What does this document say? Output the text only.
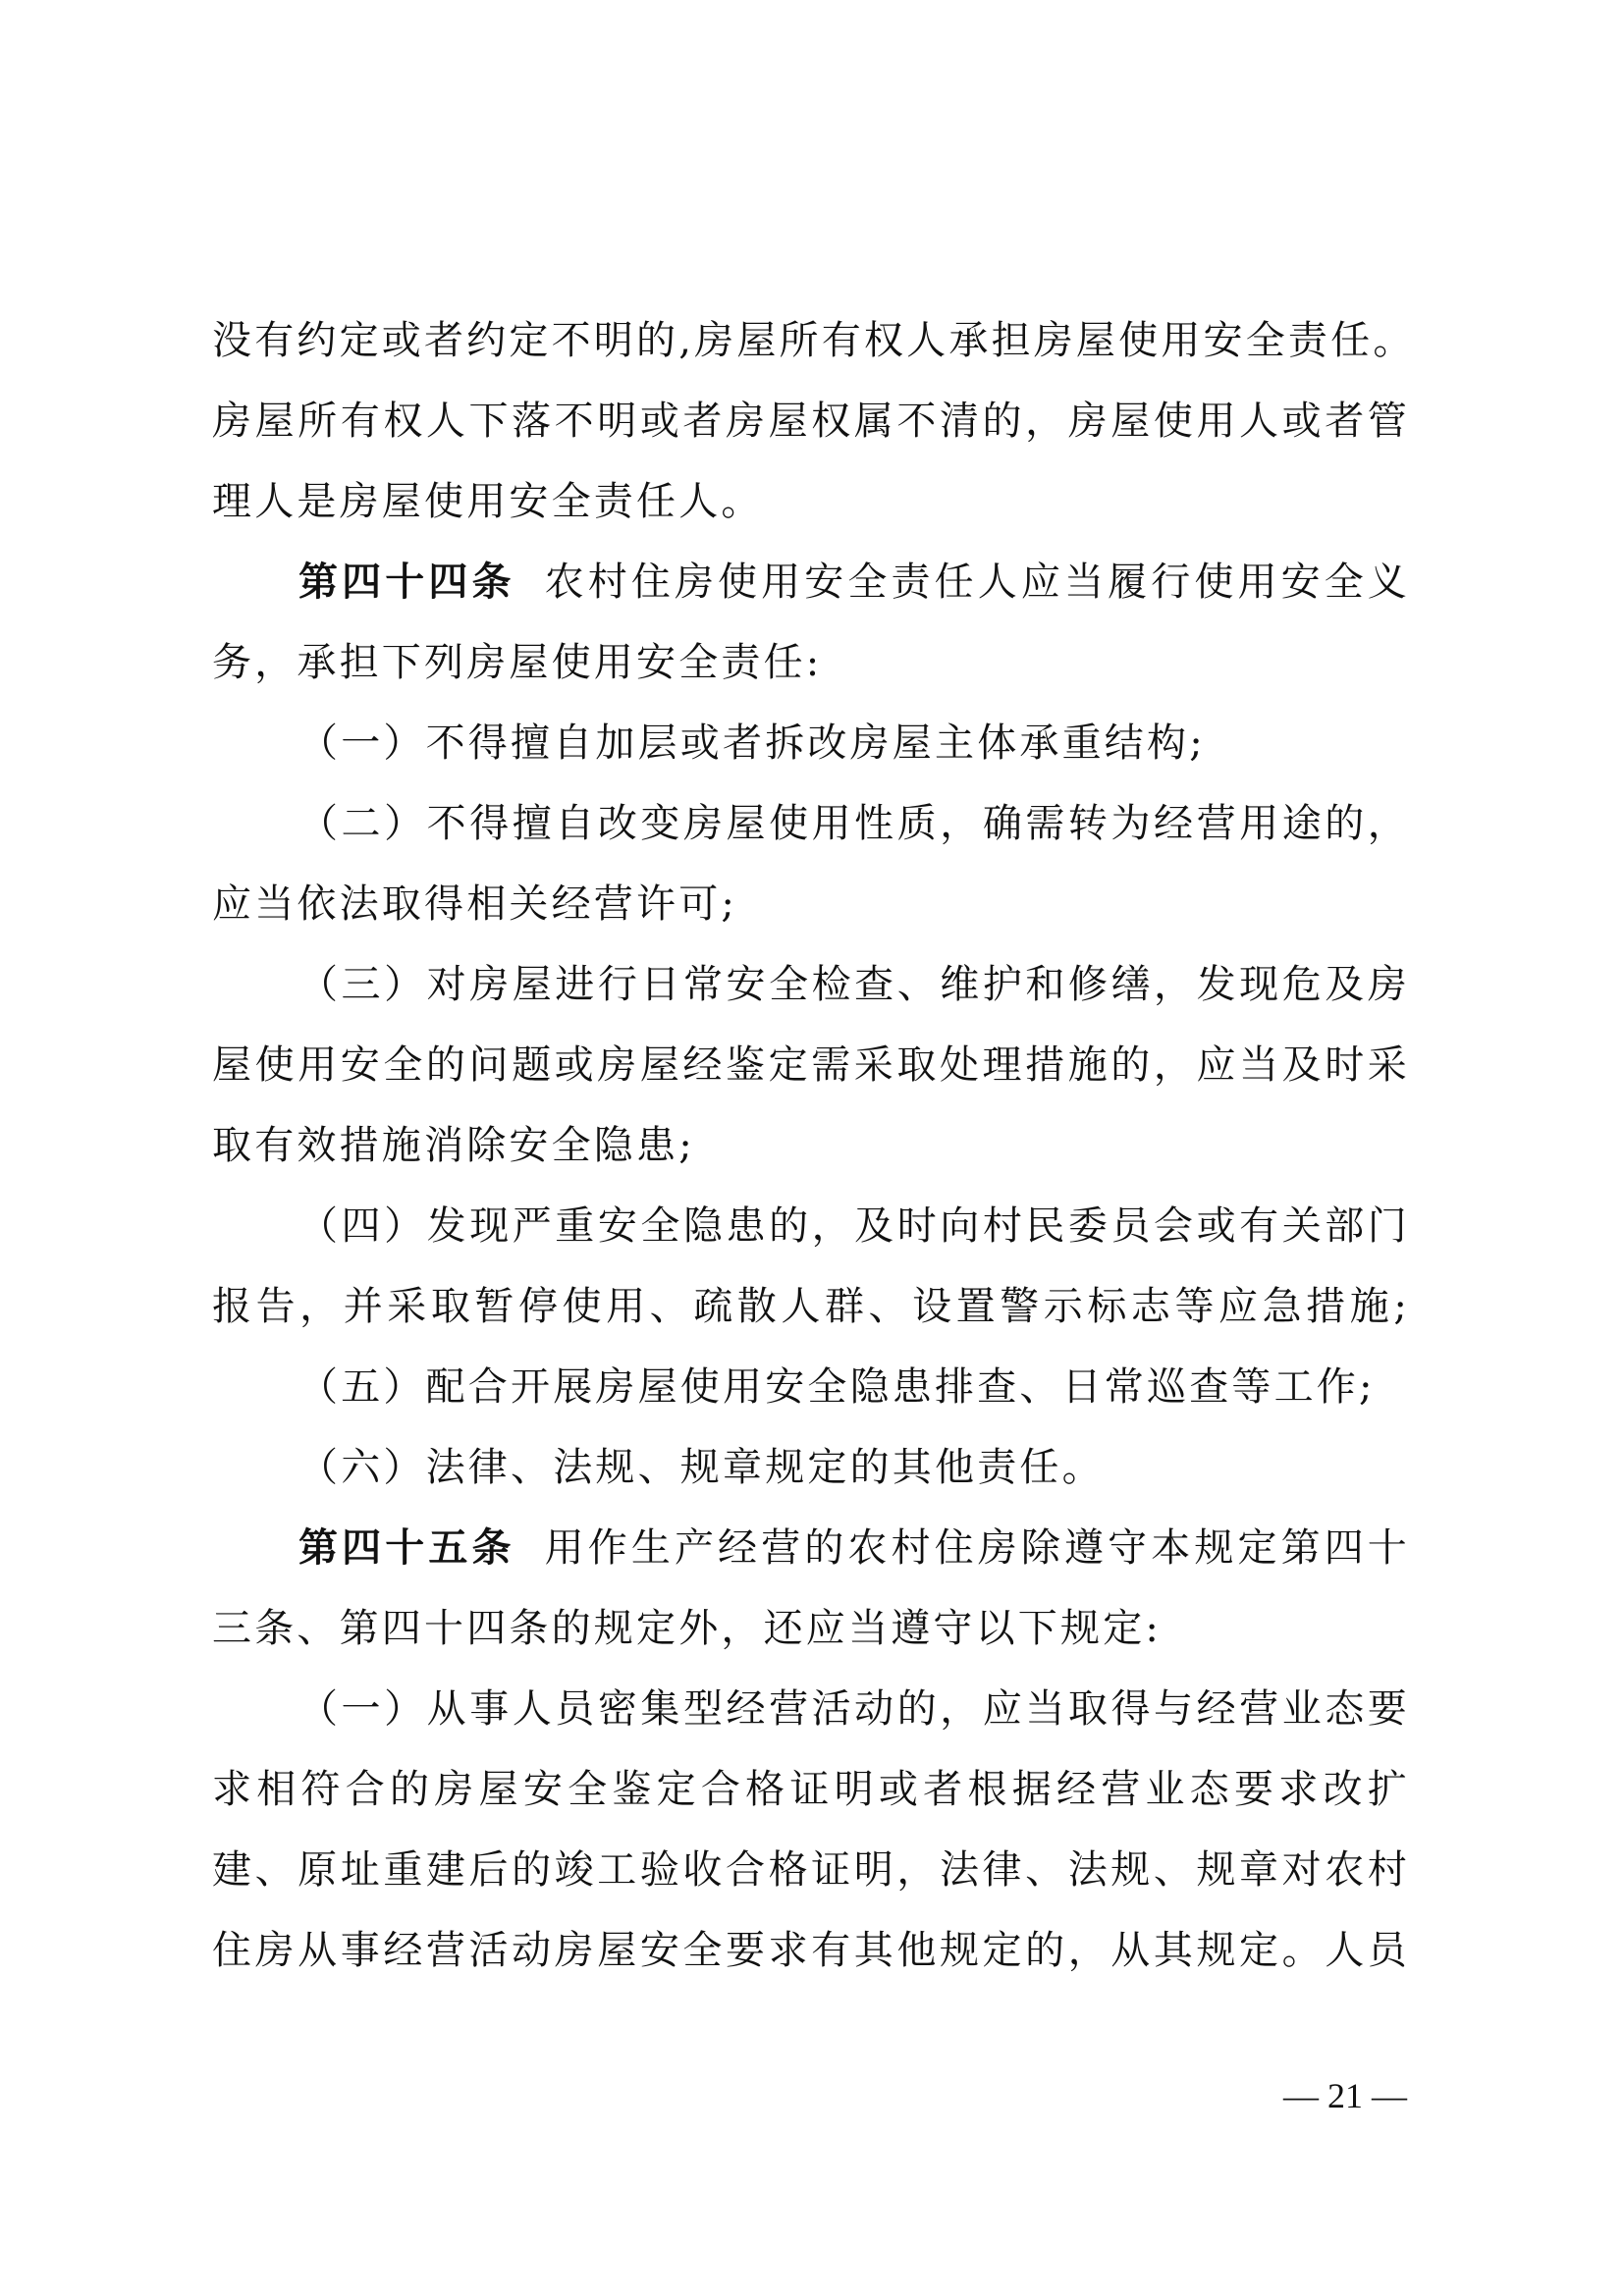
没有约定或者约定不明的,房屋所有权人承担房屋使用安全责任。
房屋所有权人下落不明或者房屋权属不清的，房屋使用人或者管
理人是房屋使用安全责任人。
第四十四条 农村住房使用安全责任人应当履行使用安全义
务，承担下列房屋使用安全责任:
（一）不得擅自加层或者拆改房屋主体承重结构;
（二）不得擅自改变房屋使用性质，确需转为经营用途的，
应当依法取得相关经营许可;
（三）对房屋进行日常安全检查、维护和修缮，发现危及房
屋使用安全的问题或房屋经鉴定需采取处理措施的，应当及时采
取有效措施消除安全隐患;
（四）发现严重安全隐患的，及时向村民委员会或有关部门
报告，并采取暂停使用、疏散人群、设置警示标志等应急措施;
（五）配合开展房屋使用安全隐患排查、日常巡查等工作;
（六）法律、法规、规章规定的其他责任。
第四十五条 用作生产经营的农村住房除遵守本规定第四十
三条、第四十四条的规定外，还应当遵守以下规定:
（一）从事人员密集型经营活动的，应当取得与经营业态要
求相符合的房屋安全鉴定合格证明或者根据经营业态要求改扩
建、原址重建后的竣工验收合格证明，法律、法规、规章对农村
住房从事经营活动房屋安全要求有其他规定的，从其规定。人员
— 21 —
